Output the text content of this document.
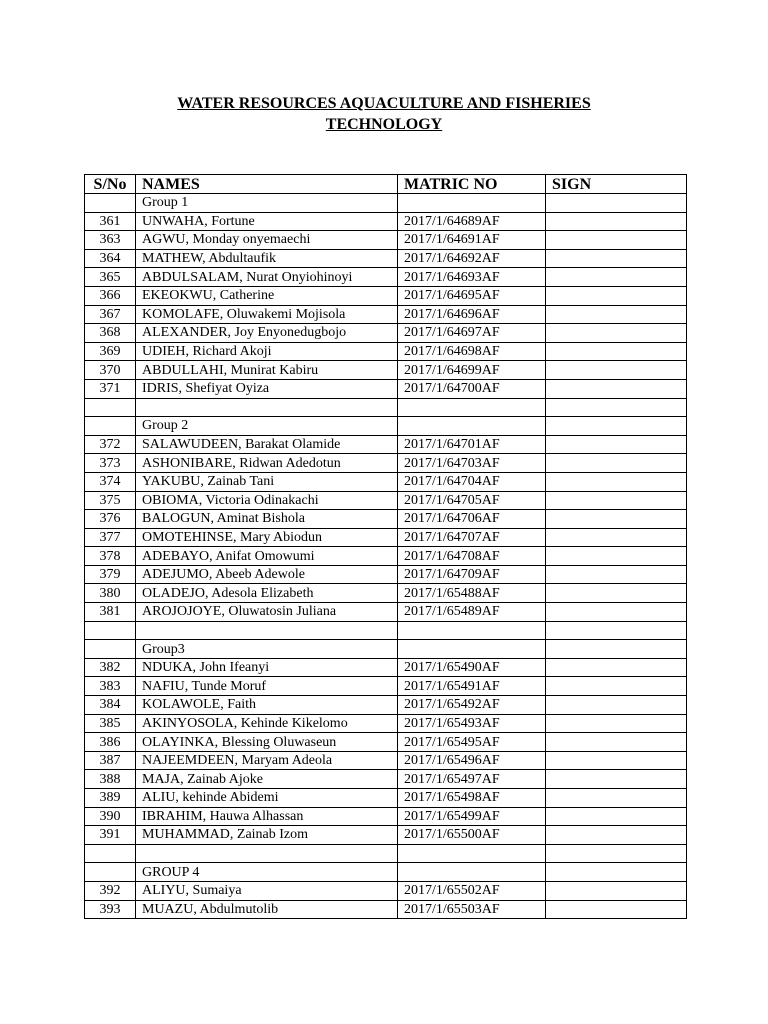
WATER RESOURCES AQUACULTURE AND FISHERIES
TECHNOLOGY
S/No	NAMES	MATRIC NO	SIGN
	Group 1		
361	UNWAHA, Fortune	2017/1/64689AF	
363	AGWU, Monday onyemaechi	2017/1/64691AF	
364	MATHEW, Abdultaufik	2017/1/64692AF	
365	ABDULSALAM, Nurat Onyiohinoyi	2017/1/64693AF	
366	EKEOKWU, Catherine	2017/1/64695AF	
367	KOMOLAFE, Oluwakemi Mojisola	2017/1/64696AF	
368	ALEXANDER, Joy Enyonedugbojo	2017/1/64697AF	
369	UDIEH, Richard Akoji	2017/1/64698AF	
370	ABDULLAHI, Munirat Kabiru	2017/1/64699AF	
371	IDRIS, Shefiyat Oyiza	2017/1/64700AF	

	Group 2		
372	SALAWUDEEN, Barakat Olamide	2017/1/64701AF	
373	ASHONIBARE, Ridwan Adedotun	2017/1/64703AF	
374	YAKUBU, Zainab Tani	2017/1/64704AF	
375	OBIOMA, Victoria Odinakachi	2017/1/64705AF	
376	BALOGUN, Aminat Bishola	2017/1/64706AF	
377	OMOTEHINSE, Mary Abiodun	2017/1/64707AF	
378	ADEBAYO, Anifat Omowumi	2017/1/64708AF	
379	ADEJUMO, Abeeb Adewole	2017/1/64709AF	
380	OLADEJO, Adesola Elizabeth	2017/1/65488AF	
381	AROJOJOYE, Oluwatosin Juliana	2017/1/65489AF	

	Group3		
382	NDUKA, John Ifeanyi	2017/1/65490AF	
383	NAFIU, Tunde Moruf	2017/1/65491AF	
384	KOLAWOLE, Faith	2017/1/65492AF	
385	AKINYOSOLA, Kehinde Kikelomo	2017/1/65493AF	
386	OLAYINKA, Blessing Oluwaseun	2017/1/65495AF	
387	NAJEEMDEEN, Maryam Adeola	2017/1/65496AF	
388	MAJA, Zainab Ajoke	2017/1/65497AF	
389	ALIU, kehinde Abidemi	2017/1/65498AF	
390	IBRAHIM, Hauwa Alhassan	2017/1/65499AF	
391	MUHAMMAD, Zainab Izom	2017/1/65500AF	

	GROUP 4		
392	ALIYU, Sumaiya	2017/1/65502AF	
393	MUAZU, Abdulmutolib	2017/1/65503AF	
